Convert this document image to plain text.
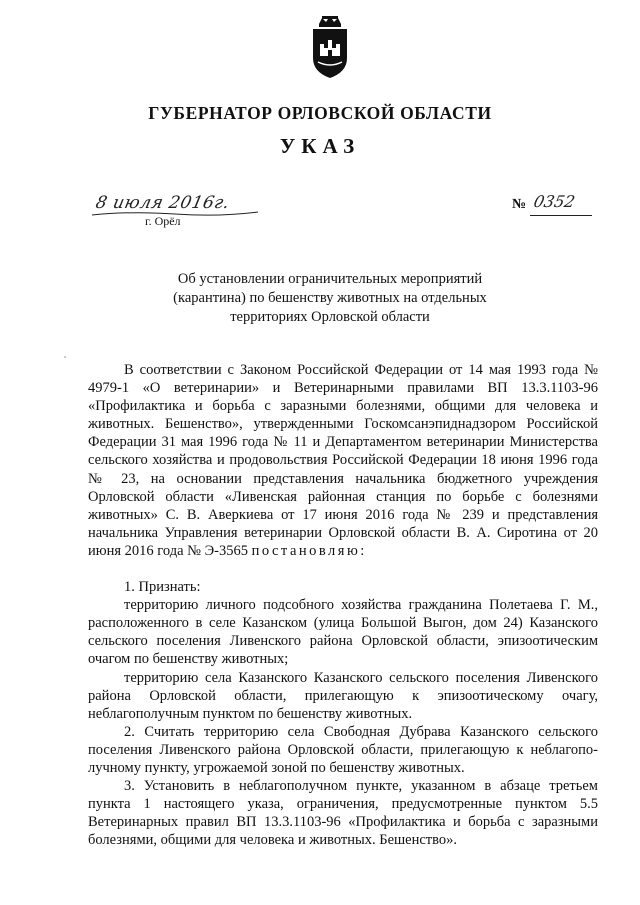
ГУБЕРНАТОР ОРЛОВСКОЙ ОБЛАСТИ
УКАЗ
8 июля 2016г.
г. Орёл
№ 0352
Об установлении ограничительных мероприятий
(карантина) по бешенству животных на отдельных
территориях Орловской области

В соответствии с Законом Российской Федерации от 14 мая 1993 года № 4979-1 «О ветеринарии» и Ветеринарными правилами ВП 13.3.1103-96 «Профилактика и борьба с заразными болезнями, общими для человека и животных. Бешенство», утвержденными Госкомсанэпиднадзором Российской Федерации 31 мая 1996 года № 11 и Департаментом ветеринарии Министерства сельского хозяйства и продовольствия Российской Федерации 18 июня 1996 года № 23, на основании представления начальника бюджетного учреждения Орловской области «Ливенская районная станция по борьбе с болезнями животных» С. В. Аверкиева от 17 июня 2016 года № 239 и представления начальника Управления ветеринарии Орловской области В. А. Сиротина от 20 июня 2016 года № Э-3565 постановляю:

1. Признать:

территорию личного подсобного хозяйства гражданина Полетаева Г. М., расположенного в селе Казанском (улица Большой Выгон, дом 24) Казанского сельского поселения Ливенского района Орловской области, эпизоотическим очагом по бешенству животных;

территорию села Казанского Казанского сельского поселения Ливенского района Орловской области, прилегающую к эпизоотическому очагу, неблагополучным пунктом по бешенству животных.

2. Считать территорию села Свободная Дубрава Казанского сельского поселения Ливенского района Орловской области, прилегающую к неблагопо-лучному пункту, угрожаемой зоной по бешенству животных.

3. Установить в неблагополучном пункте, указанном в абзаце третьем пункта 1 настоящего указа, ограничения, предусмотренные пунктом 5.5 Ветеринарных правил ВП 13.3.1103-96 «Профилактика и борьба с заразными болезнями, общими для человека и животных. Бешенство».
